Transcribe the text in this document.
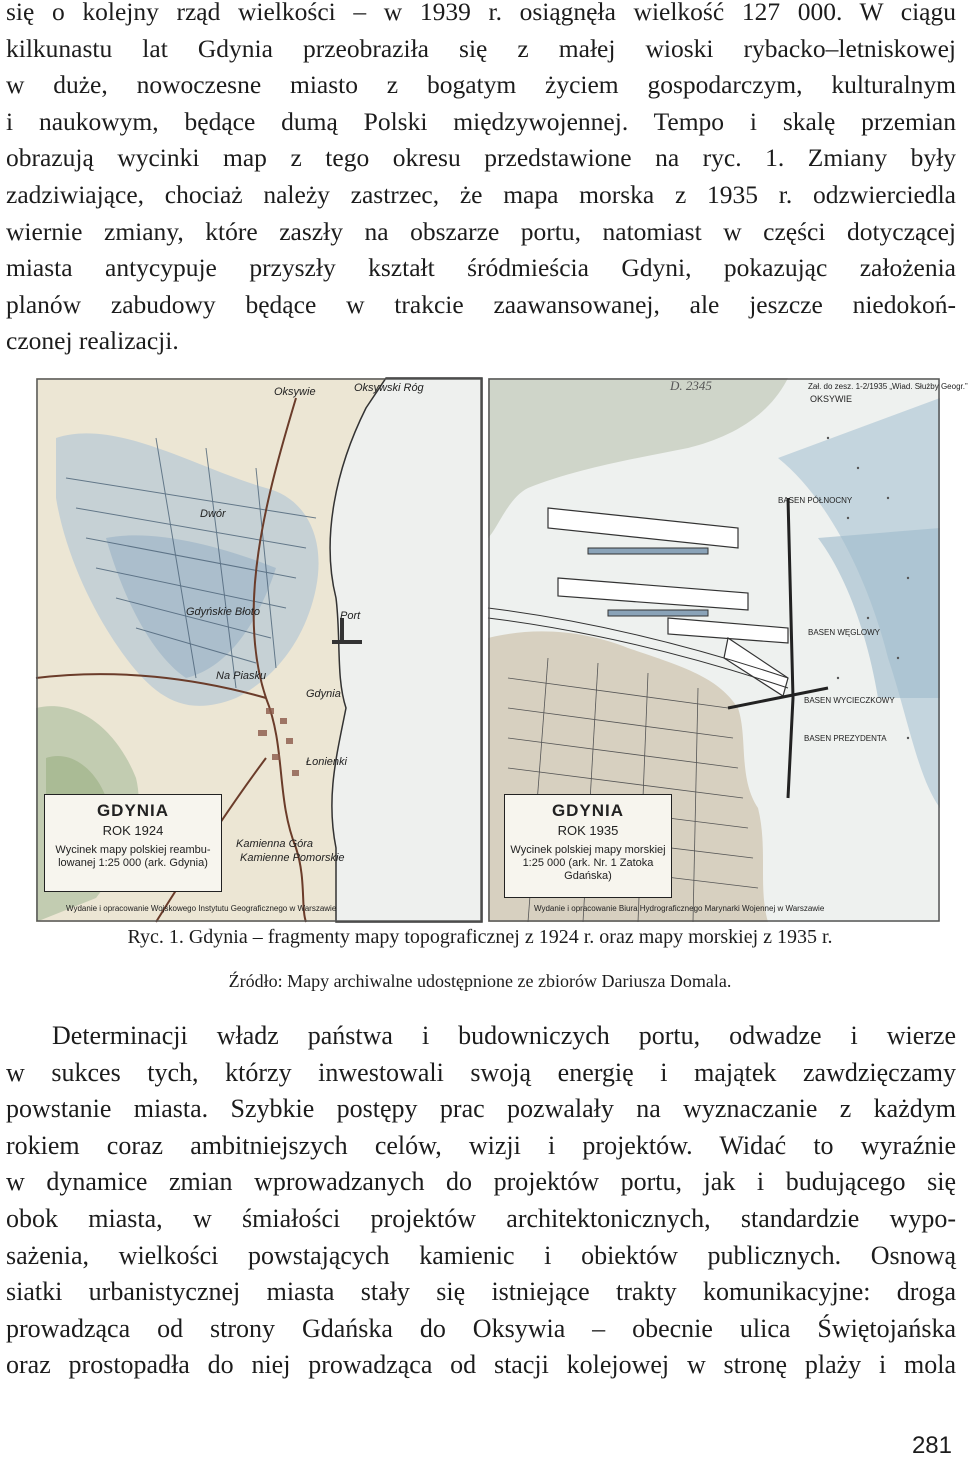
się o kolejny rząd wielkości – w 1939 r. osiągnęła wielkość 127 000. W ciągu
kilkunastu lat Gdynia przeobraziła się z małej wioski rybacko–letniskowej
w duże, nowoczesne miasto z bogatym życiem gospodarczym, kulturalnym
i naukowym, będące dumą Polski międzywojennej. Tempo i skalę przemian
obrazują wycinki map z tego okresu przedstawione na ryc. 1. Zmiany były
zadziwiające, chociaż należy zastrzec, że mapa morska z 1935 r. odzwierciedla
wiernie zmiany, które zaszły na obszarze portu, natomiast w części dotyczącej
miasta antycypuje przyszły kształt śródmieścia Gdyni, pokazując założenia
planów zabudowy będące w trakcie zaawansowanej, ale jeszcze niedokoń-
czonej realizacji.
Oksywie	Oksywski Róg
Dwór
Gdyńskie Błoto	Port
Na Piasku
Gdynia
Łonienki
Kamienna Góra
Kamienne Pomorskie
GDYNIA
ROK 1924
Wycinek mapy polskiej reambu-
lowanej 1:25 000 (ark. Gdynia)
Wydanie i opracowanie Wojskowego Instytutu Geograficznego w Warszawie
D. 2345	Zał. do zesz. 1-2/1935 „Wiad. Służby Geogr.”
OKSYWIE
BASEN PÓŁNOCNY
BASEN WĘGLOWY
BASEN WYCIECZKOWY
BASEN PREZYDENTA
GDYNIA
ROK 1935
Wycinek polskiej mapy morskiej
1:25 000 (ark. Nr. 1 Zatoka
Gdańska)
Wydanie i opracowanie Biura Hydrograficznego Marynarki Wojennej w Warszawie
Ryc. 1. Gdynia – fragmenty mapy topograficznej z 1924 r. oraz mapy morskiej z 1935 r.
Źródło: Mapy archiwalne udostępnione ze zbiorów Dariusza Domala.
Determinacji władz państwa i budowniczych portu, odwadze i wierze
w sukces tych, którzy inwestowali swoją energię i majątek zawdzięczamy
powstanie miasta. Szybkie postępy prac pozwalały na wyznaczanie z każdym
rokiem coraz ambitniejszych celów, wizji i projektów. Widać to wyraźnie
w dynamice zmian wprowadzanych do projektów portu, jak i budującego się
obok miasta, w śmiałości projektów architektonicznych, standardzie wypo-
sażenia, wielkości powstających kamienic i obiektów publicznych. Osnową
siatki urbanistycznej miasta stały się istniejące trakty komunikacyjne: droga
prowadząca od strony Gdańska do Oksywia – obecnie ulica Świętojańska
oraz prostopadła do niej prowadząca od stacji kolejowej w stronę plaży i mola
281
